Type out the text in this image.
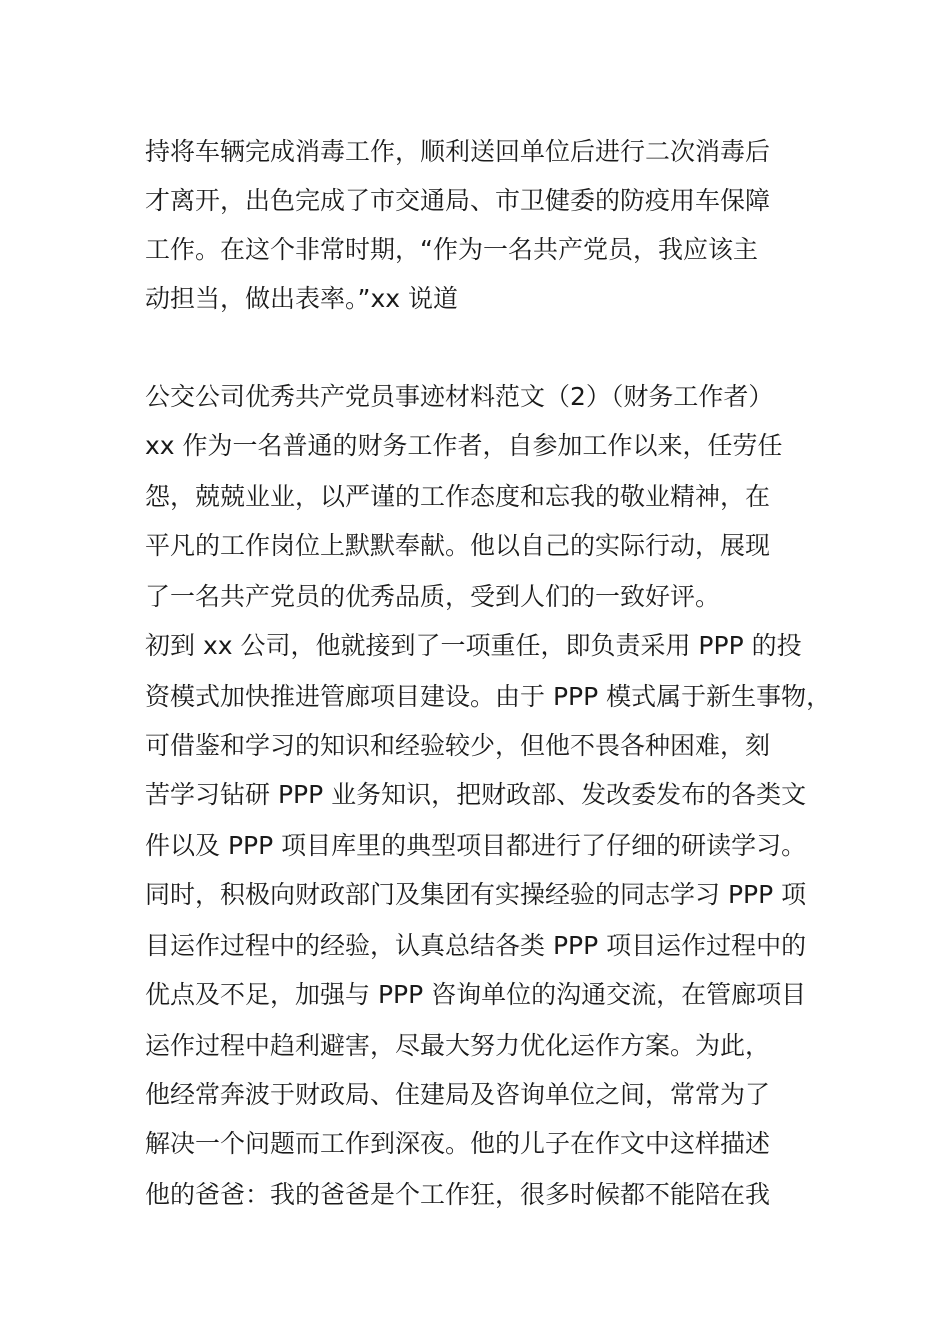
持将车辆完成消毒工作，顺利送回单位后进行二次消毒后

才离开，出色完成了市交通局、市卫健委的防疫用车保障

工作。在这个非常时期，“作为一名共产党员，我应该主

动担当，做出表率。”xx 说道

公交公司优秀共产党员事迹材料范文（2）（财务工作者）

xx 作为一名普通的财务工作者，自参加工作以来，任劳任

怨，兢兢业业，以严谨的工作态度和忘我的敬业精神，在

平凡的工作岗位上默默奉献。他以自己的实际行动，展现

了一名共产党员的优秀品质，受到人们的一致好评。

初到 xx 公司，他就接到了一项重任，即负责采用 PPP 的投

资模式加快推进管廊项目建设。由于 PPP 模式属于新生事物，

可借鉴和学习的知识和经验较少，但他不畏各种困难，刻

苦学习钻研 PPP 业务知识，把财政部、发改委发布的各类文

件以及 PPP 项目库里的典型项目都进行了仔细的研读学习。

同时，积极向财政部门及集团有实操经验的同志学习 PPP 项

目运作过程中的经验，认真总结各类 PPP 项目运作过程中的

优点及不足，加强与 PPP 咨询单位的沟通交流，在管廊项目

运作过程中趋利避害，尽最大努力优化运作方案。为此，

他经常奔波于财政局、住建局及咨询单位之间，常常为了

解决一个问题而工作到深夜。他的儿子在作文中这样描述

他的爸爸：我的爸爸是个工作狂，很多时候都不能陪在我
